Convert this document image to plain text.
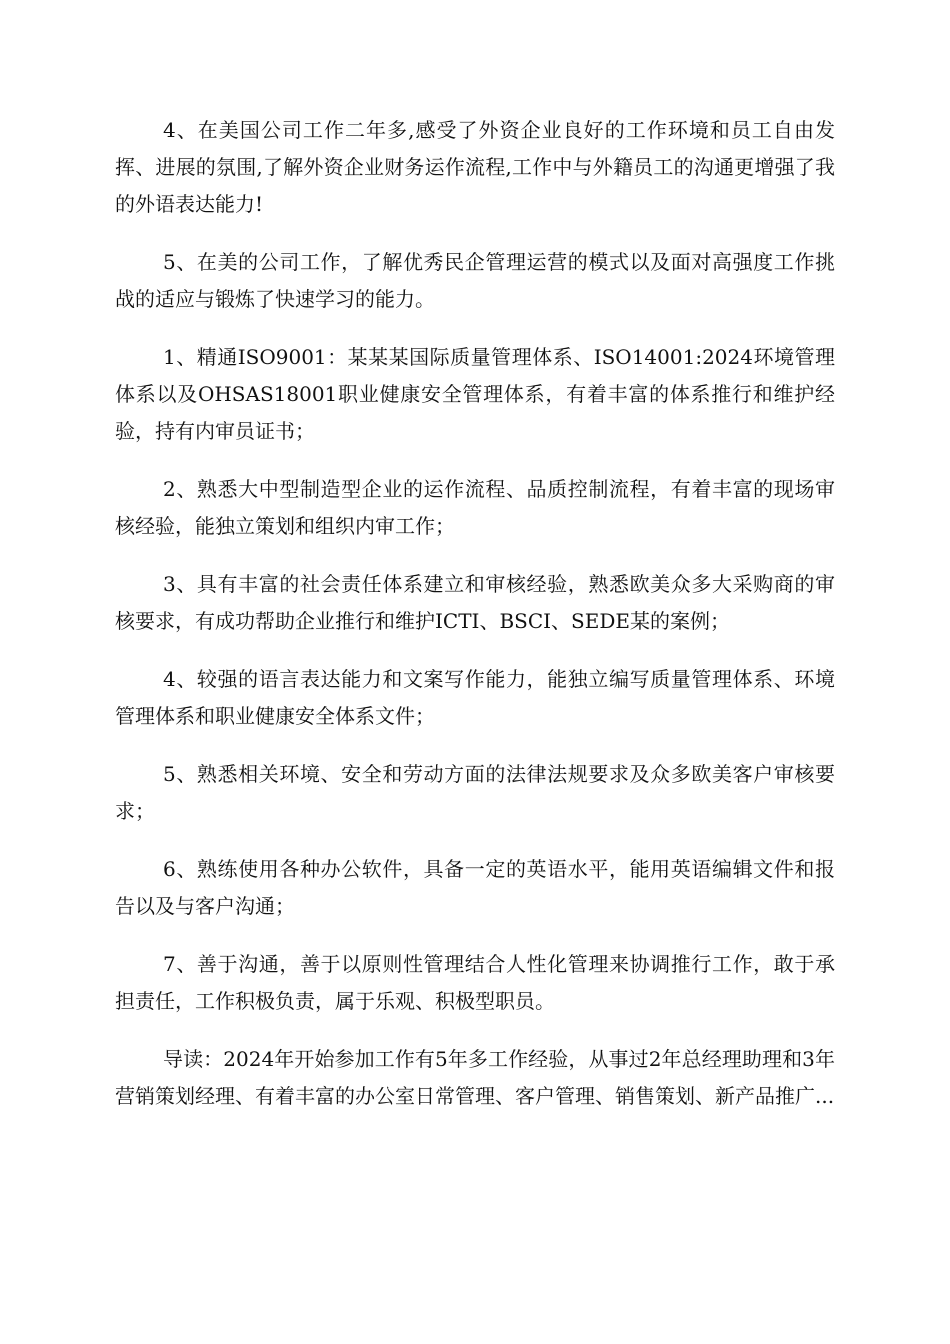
4、在美国公司工作二年多,感受了外资企业良好的工作环境和员工自由发挥、进展的氛围,了解外资企业财务运作流程,工作中与外籍员工的沟通更增强了我的外语表达能力!

5、在美的公司工作，了解优秀民企管理运营的模式以及面对高强度工作挑战的适应与锻炼了快速学习的能力。

1、精通ISO9001：某某某国际质量管理体系、ISO14001:2024环境管理体系以及OHSAS18001职业健康安全管理体系，有着丰富的体系推行和维护经验，持有内审员证书；

2、熟悉大中型制造型企业的运作流程、品质控制流程，有着丰富的现场审核经验，能独立策划和组织内审工作；

3、具有丰富的社会责任体系建立和审核经验，熟悉欧美众多大采购商的审核要求，有成功帮助企业推行和维护ICTI、BSCI、SEDE某的案例；

4、较强的语言表达能力和文案写作能力，能独立编写质量管理体系、环境管理体系和职业健康安全体系文件；

5、熟悉相关环境、安全和劳动方面的法律法规要求及众多欧美客户审核要求；

6、熟练使用各种办公软件，具备一定的英语水平，能用英语编辑文件和报告以及与客户沟通；

7、善于沟通，善于以原则性管理结合人性化管理来协调推行工作，敢于承担责任，工作积极负责，属于乐观、积极型职员。

导读：2024年开始参加工作有5年多工作经验，从事过2年总经理助理和3年营销策划经理、有着丰富的办公室日常管理、客户管理、销售策划、新产品推广...
